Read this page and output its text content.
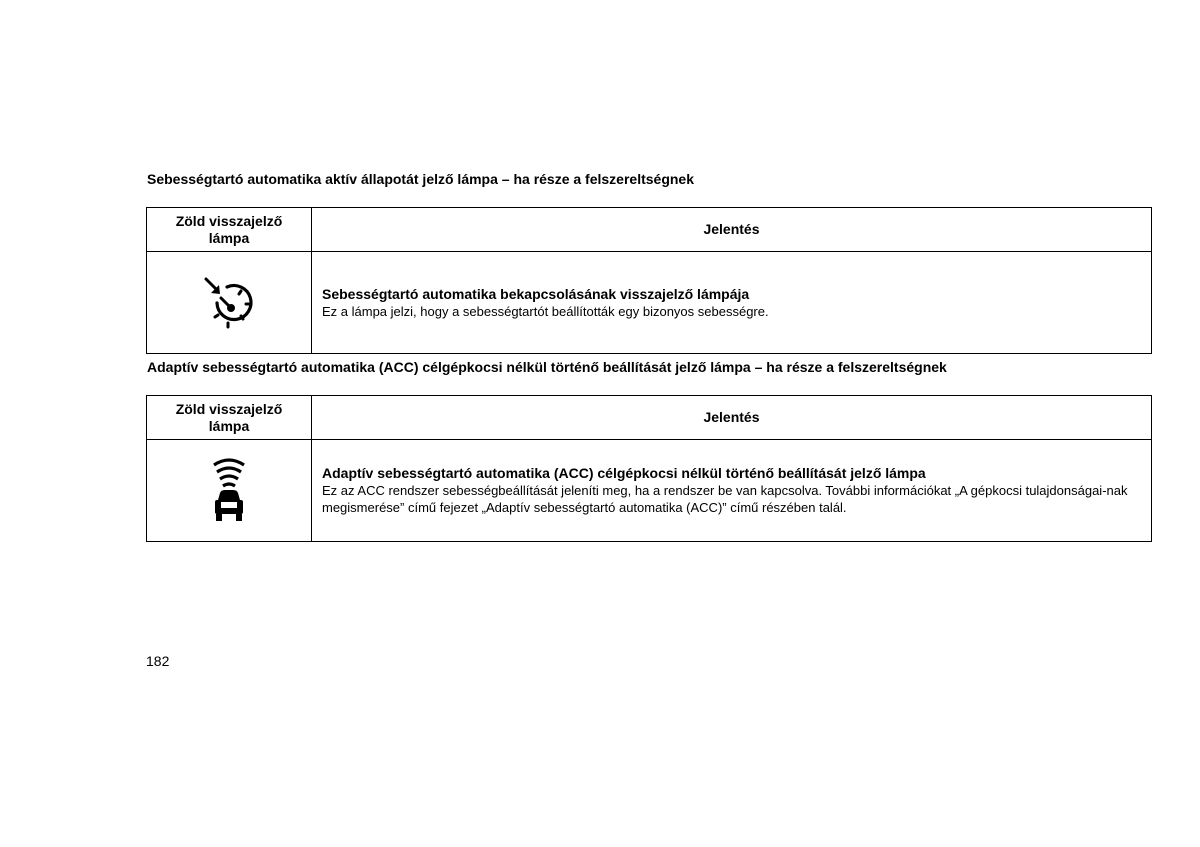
Sebességtartó automatika aktív állapotát jelző lámpa – ha része a felszereltségnek
Zöld visszajelző lámpa	Jelentés

Sebességtartó automatika bekapcsolásának visszajelző lámpája
Ez a lámpa jelzi, hogy a sebességtartót beállították egy bizonyos sebességre.
Adaptív sebességtartó automatika (ACC) célgépkocsi nélkül történő beállítását jelző lámpa – ha része a felszereltségnek
Zöld visszajelző lámpa	Jelentés

Adaptív sebességtartó automatika (ACC) célgépkocsi nélkül történő beállítását jelző lámpa
Ez az ACC rendszer sebességbeállítását jeleníti meg, ha a rendszer be van kapcsolva. További információkat „A gépkocsi tulajdonságai-nak megismerése” című fejezet „Adaptív sebességtartó automatika (ACC)” című részében talál.
182
